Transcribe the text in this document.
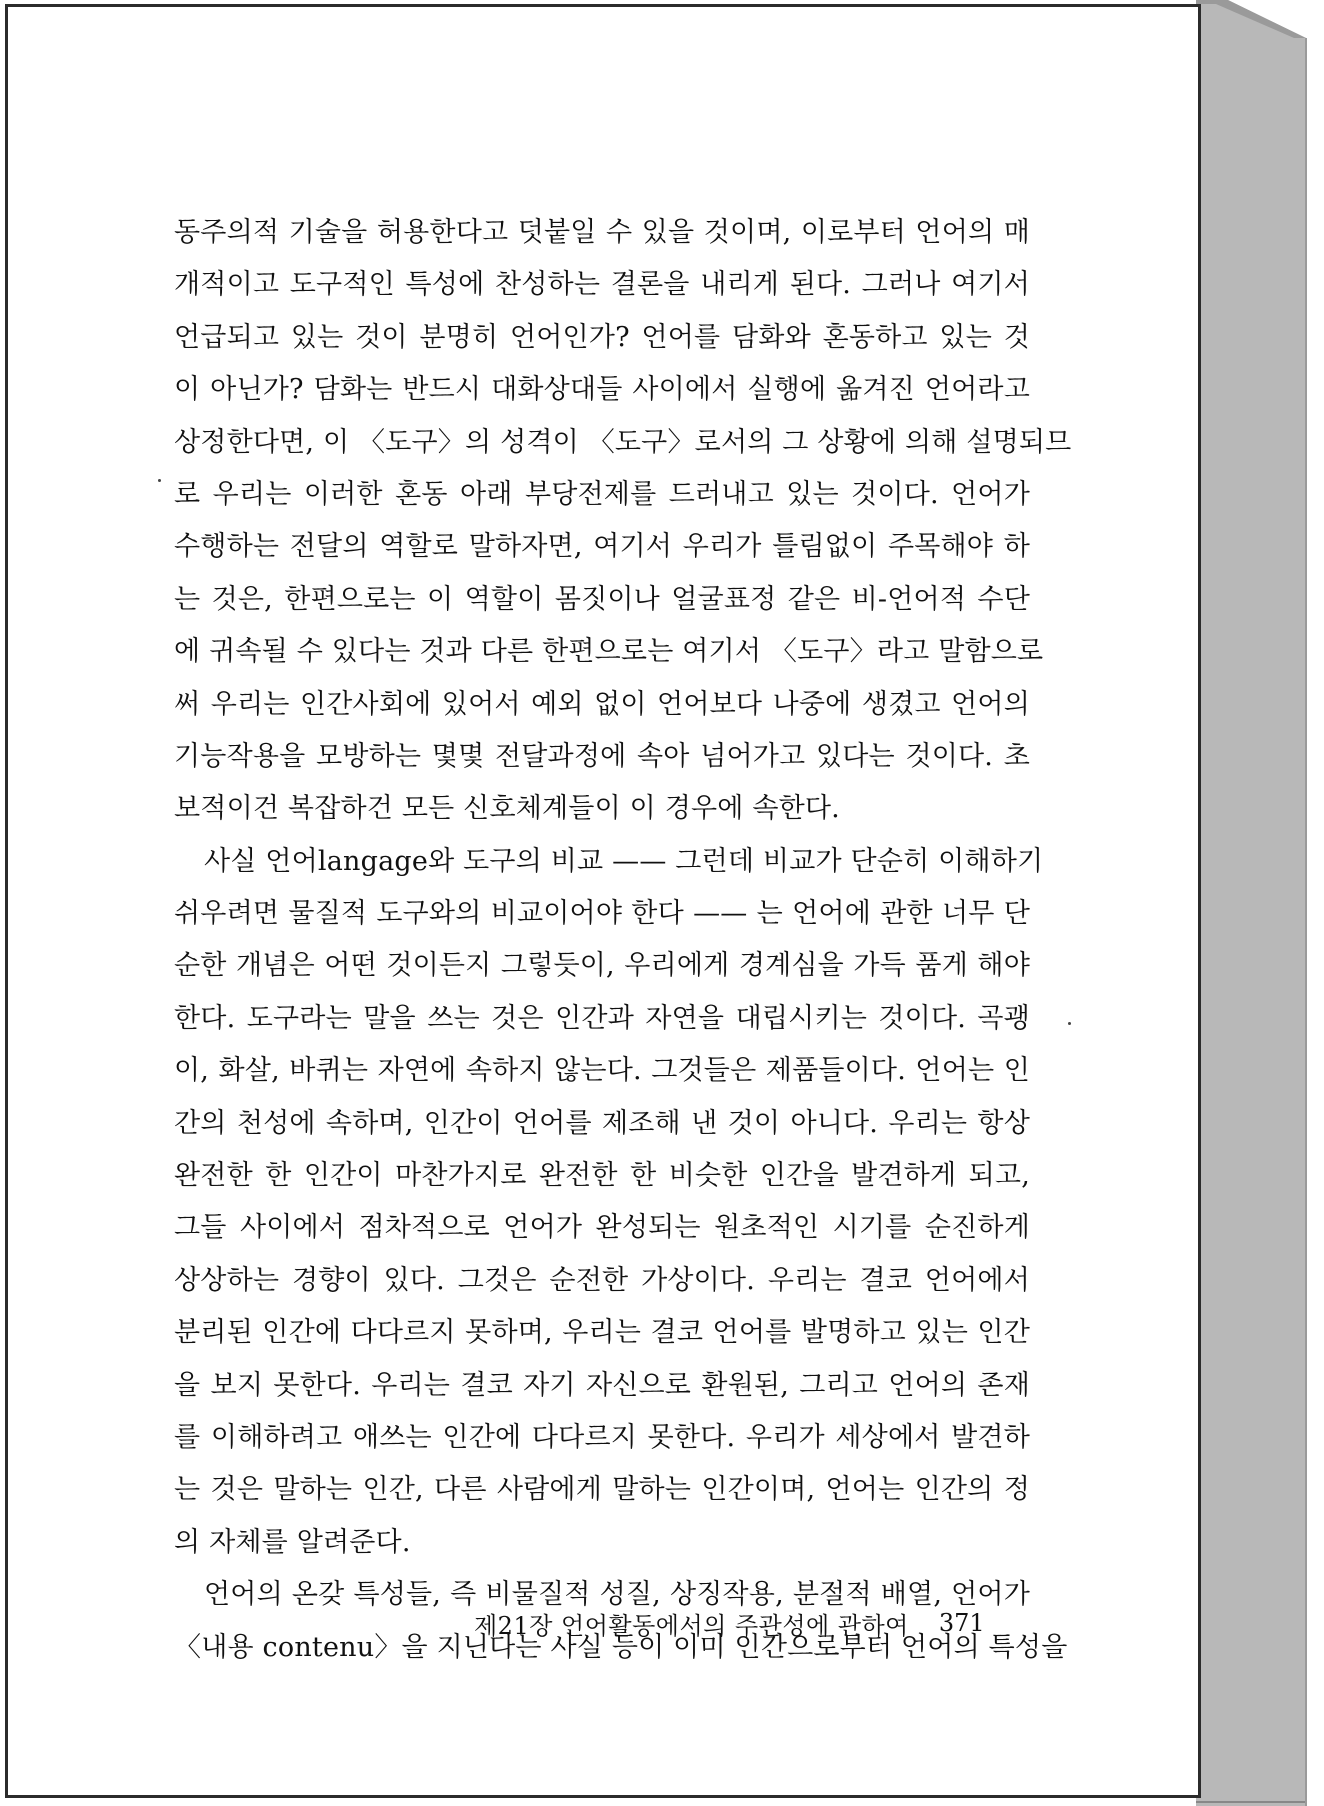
동주의적 기술을 허용한다고 덧붙일 수 있을 것이며, 이로부터 언어의 매
개적이고 도구적인 특성에 찬성하는 결론을 내리게 된다. 그러나 여기서
언급되고 있는 것이 분명히 언어인가? 언어를 담화와 혼동하고 있는 것
이 아닌가? 담화는 반드시 대화상대들 사이에서 실행에 옮겨진 언어라고
상정한다면, 이 〈도구〉의 성격이 〈도구〉로서의 그 상황에 의해 설명되므
로 우리는 이러한 혼동 아래 부당전제를 드러내고 있는 것이다. 언어가
수행하는 전달의 역할로 말하자면, 여기서 우리가 틀림없이 주목해야 하
는 것은, 한편으로는 이 역할이 몸짓이나 얼굴표정 같은 비-언어적 수단
에 귀속될 수 있다는 것과 다른 한편으로는 여기서 〈도구〉라고 말함으로
써 우리는 인간사회에 있어서 예외 없이 언어보다 나중에 생겼고 언어의
기능작용을 모방하는 몇몇 전달과정에 속아 넘어가고 있다는 것이다. 초
보적이건 복잡하건 모든 신호체계들이 이 경우에 속한다.
사실 언어langage와 도구의 비교 —— 그런데 비교가 단순히 이해하기
쉬우려면 물질적 도구와의 비교이어야 한다 —— 는 언어에 관한 너무 단
순한 개념은 어떤 것이든지 그렇듯이, 우리에게 경계심을 가득 품게 해야
한다. 도구라는 말을 쓰는 것은 인간과 자연을 대립시키는 것이다. 곡괭
이, 화살, 바퀴는 자연에 속하지 않는다. 그것들은 제품들이다. 언어는 인
간의 천성에 속하며, 인간이 언어를 제조해 낸 것이 아니다. 우리는 항상
완전한 한 인간이 마찬가지로 완전한 한 비슷한 인간을 발견하게 되고,
그들 사이에서 점차적으로 언어가 완성되는 원초적인 시기를 순진하게
상상하는 경향이 있다. 그것은 순전한 가상이다. 우리는 결코 언어에서
분리된 인간에 다다르지 못하며, 우리는 결코 언어를 발명하고 있는 인간
을 보지 못한다. 우리는 결코 자기 자신으로 환원된, 그리고 언어의 존재
를 이해하려고 애쓰는 인간에 다다르지 못한다. 우리가 세상에서 발견하
는 것은 말하는 인간, 다른 사람에게 말하는 인간이며, 언어는 인간의 정
의 자체를 알려준다.
언어의 온갖 특성들, 즉 비물질적 성질, 상징작용, 분절적 배열, 언어가
〈내용 contenu〉을 지닌다는 사실 등이 이미 인간으로부터 언어의 특성을
제21장 언어활동에서의 주관성에 관하여 371
